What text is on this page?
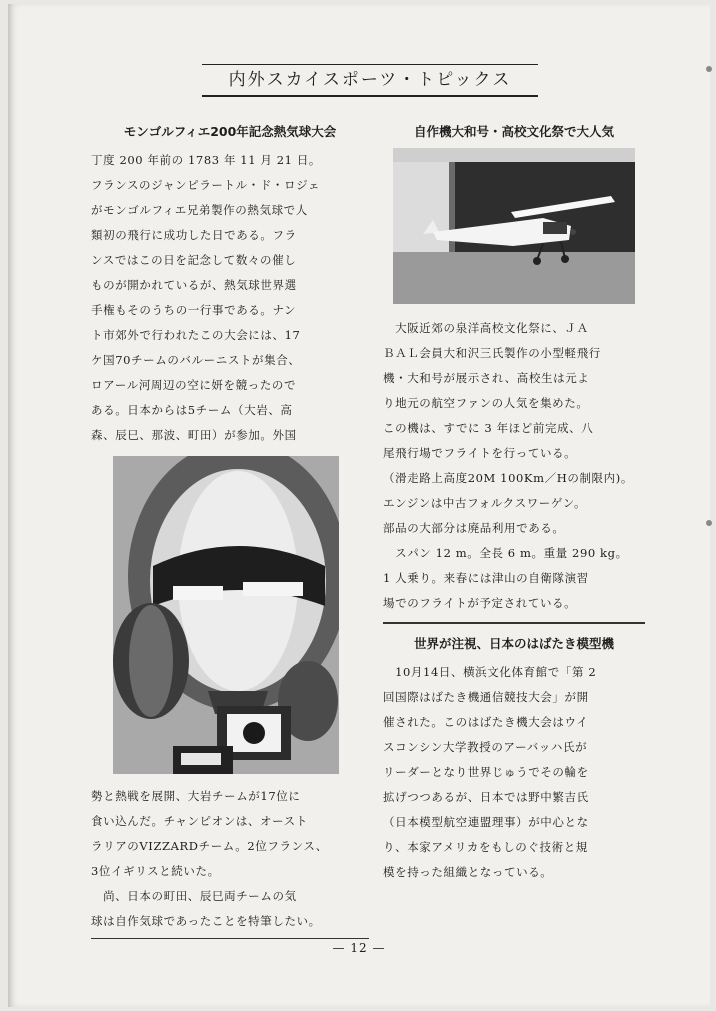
内外スカイスポーツ・トピックス
モンゴルフィエ200年記念熱気球大会

丁度 200 年前の 1783 年 11 月 21 日。
フランスのジャンピラートル・ド・ロジェ
がモンゴルフィエ兄弟製作の熱気球で人
類初の飛行に成功した日である。フラ
ンスではこの日を記念して数々の催し
ものが開かれているが、熱気球世界選
手権もそのうちの一行事である。ナン
ト市郊外で行われたこの大会には、17
ケ国70チームのバルーニストが集合、
ロアール河周辺の空に妍を競ったので
ある。日本からは5チーム（大岩、高
森、辰巳、那波、町田）が参加。外国

勢と熱戦を展開、大岩チームが17位に
食い込んだ。チャンピオンは、オースト
ラリアのVIZZARDチーム。2位フランス、
3位イギリスと続いた。

　尚、日本の町田、辰巳両チームの気
球は自作気球であったことを特筆したい。

自作機大和号・高校文化祭で大人気

　大阪近郊の泉洋高校文化祭に、ＪＡ
ＢＡＬ会員大和沢三氏製作の小型軽飛行
機・大和号が展示され、高校生は元よ
り地元の航空ファンの人気を集めた。
この機は、すでに 3 年ほど前完成、八
尾飛行場でフライトを行っている。
（滑走路上高度20M 100Km／Hの制限内)。
エンジンは中古フォルクスワーゲン。
部品の大部分は廃品利用である。
　スパン 12 m。全長 6 m。重量 290 kg。
1 人乗り。来春には津山の自衛隊演習
場でのフライトが予定されている。

世界が注視、日本のはばたき模型機

　10月14日、横浜文化体育館で「第 2
回国際はばたき機通信競技大会」が開
催された。このはばたき機大会はウイ
スコンシン大学教授のアーバッハ氏が
リーダーとなり世界じゅうでその輪を
拡げつつあるが、日本では野中繁吉氏
（日本模型航空連盟理事）が中心とな
り、本家アメリカをもしのぐ技術と規
模を持った組織となっている。

— 12 —
